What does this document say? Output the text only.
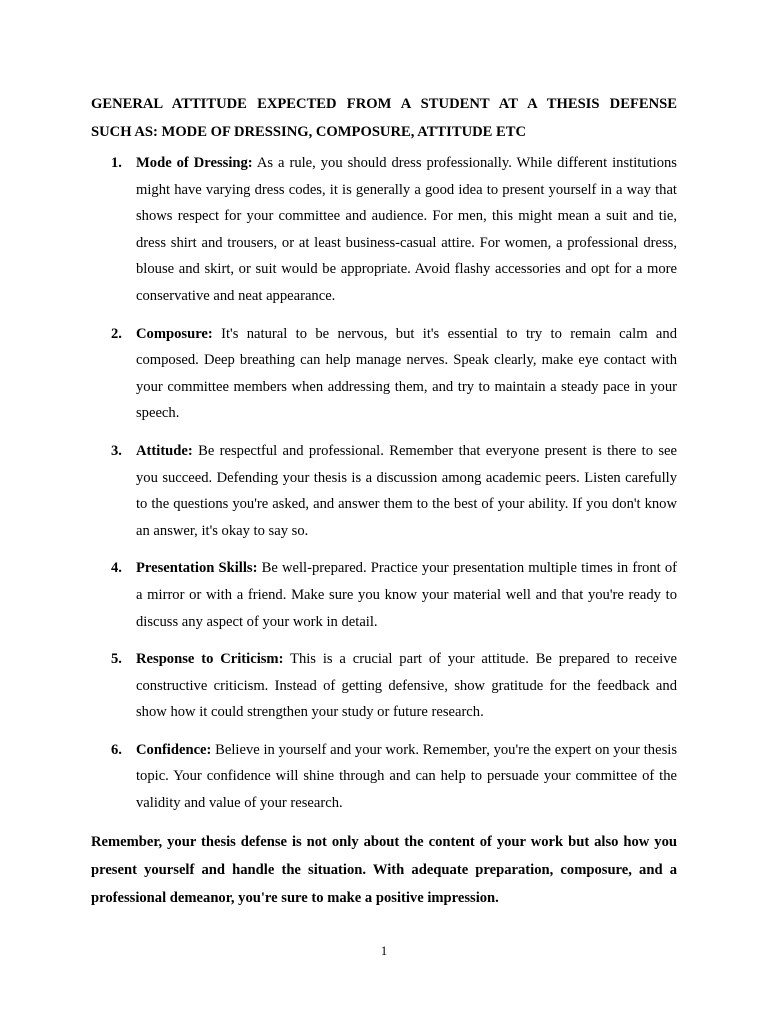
GENERAL ATTITUDE EXPECTED FROM A STUDENT AT A THESIS DEFENSE
SUCH AS: MODE OF DRESSING, COMPOSURE, ATTITUDE ETC
1. Mode of Dressing: As a rule, you should dress professionally. While different institutions might have varying dress codes, it is generally a good idea to present yourself in a way that shows respect for your committee and audience. For men, this might mean a suit and tie, dress shirt and trousers, or at least business-casual attire. For women, a professional dress, blouse and skirt, or suit would be appropriate. Avoid flashy accessories and opt for a more conservative and neat appearance.
2. Composure: It's natural to be nervous, but it's essential to try to remain calm and composed. Deep breathing can help manage nerves. Speak clearly, make eye contact with your committee members when addressing them, and try to maintain a steady pace in your speech.
3. Attitude: Be respectful and professional. Remember that everyone present is there to see you succeed. Defending your thesis is a discussion among academic peers. Listen carefully to the questions you're asked, and answer them to the best of your ability. If you don't know an answer, it's okay to say so.
4. Presentation Skills: Be well-prepared. Practice your presentation multiple times in front of a mirror or with a friend. Make sure you know your material well and that you're ready to discuss any aspect of your work in detail.
5. Response to Criticism: This is a crucial part of your attitude. Be prepared to receive constructive criticism. Instead of getting defensive, show gratitude for the feedback and show how it could strengthen your study or future research.
6. Confidence: Believe in yourself and your work. Remember, you're the expert on your thesis topic. Your confidence will shine through and can help to persuade your committee of the validity and value of your research.

Remember, your thesis defense is not only about the content of your work but also how you present yourself and handle the situation. With adequate preparation, composure, and a professional demeanor, you're sure to make a positive impression.

1
